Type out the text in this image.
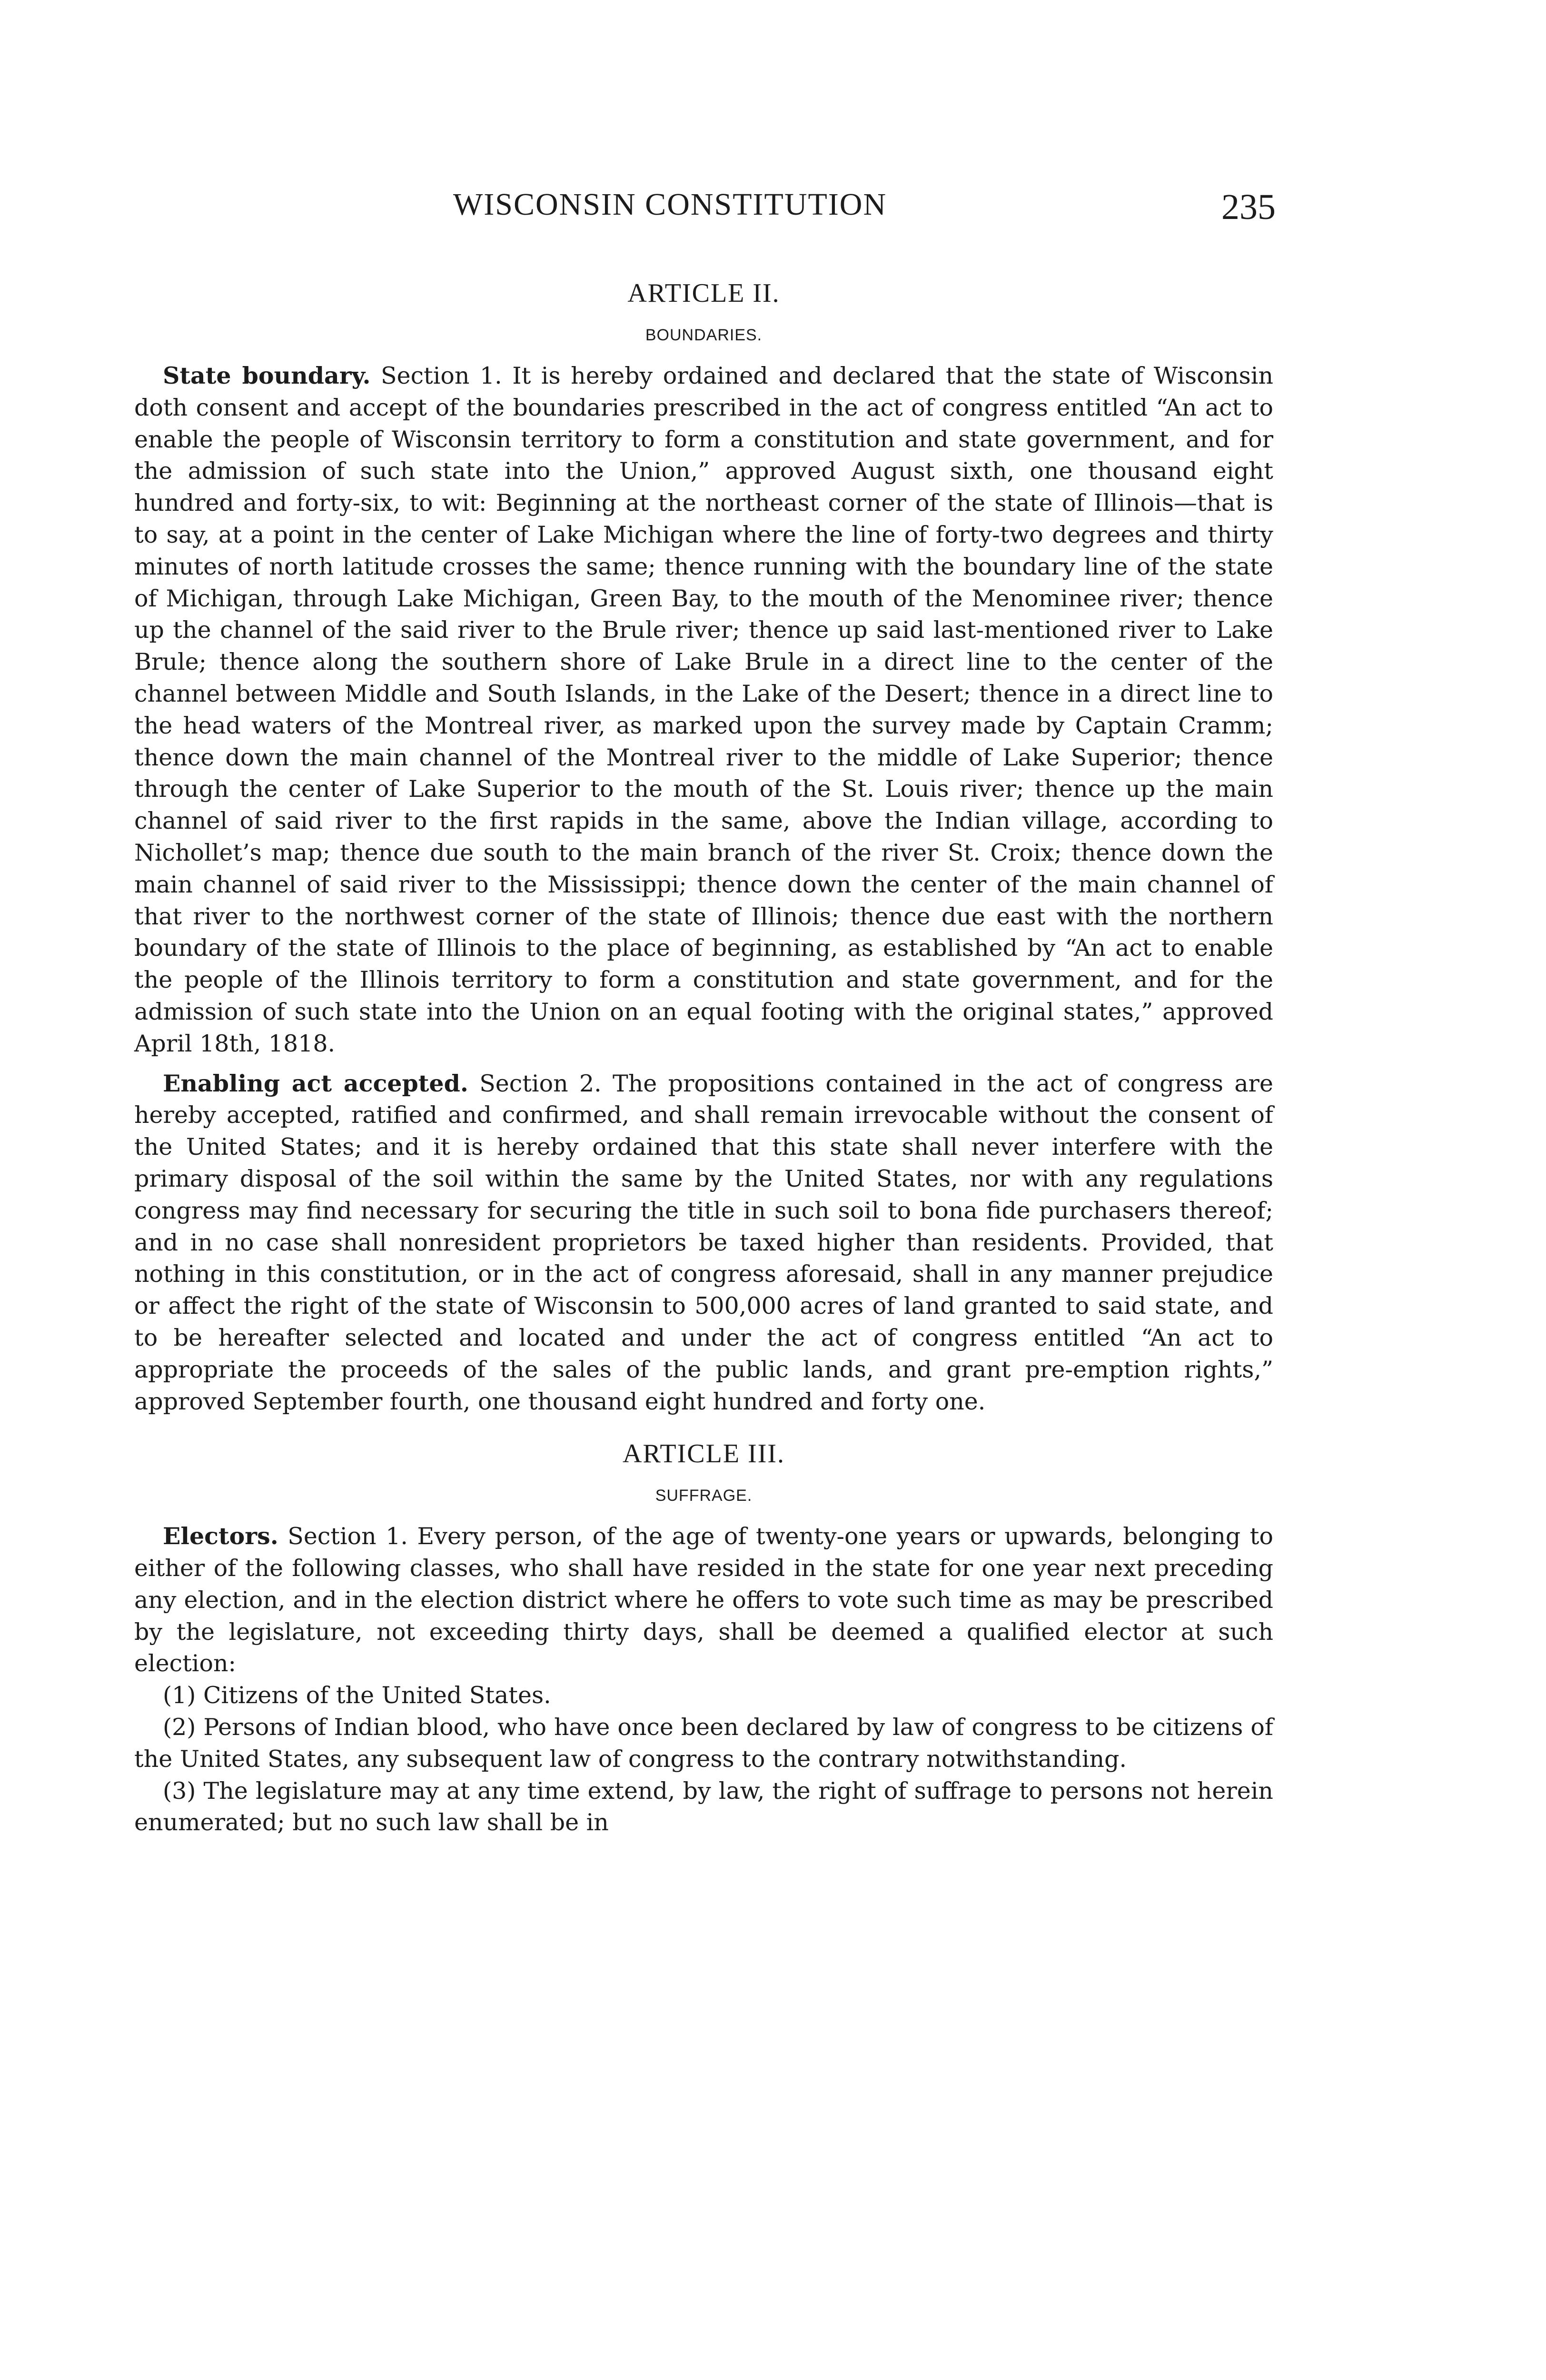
WISCONSIN CONSTITUTION	235
ARTICLE II.
BOUNDARIES.

State boundary. Section 1. It is hereby ordained and declared that the state of Wisconsin doth consent and accept of the boundaries prescribed in the act of congress entitled “An act to enable the people of Wisconsin territory to form a constitution and state government, and for the admission of such state into the Union,” approved August sixth, one thousand eight hundred and forty-six, to wit: Beginning at the northeast corner of the state of Illinois—that is to say, at a point in the center of Lake Michigan where the line of forty-two degrees and thirty minutes of north latitude crosses the same; thence running with the boundary line of the state of Michigan, through Lake Michigan, Green Bay, to the mouth of the Menominee river; thence up the channel of the said river to the Brule river; thence up said last-mentioned river to Lake Brule; thence along the southern shore of Lake Brule in a direct line to the center of the channel between Middle and South Islands, in the Lake of the Desert; thence in a direct line to the head waters of the Montreal river, as marked upon the survey made by Captain Cramm; thence down the main channel of the Montreal river to the middle of Lake Superior; thence through the center of Lake Superior to the mouth of the St. Louis river; thence up the main channel of said river to the first rapids in the same, above the Indian village, according to Nichollet’s map; thence due south to the main branch of the river St. Croix; thence down the main channel of said river to the Mississippi; thence down the center of the main channel of that river to the northwest corner of the state of Illinois; thence due east with the northern boundary of the state of Illinois to the place of beginning, as established by “An act to enable the people of the Illinois territory to form a constitution and state government, and for the admission of such state into the Union on an equal footing with the original states,” approved April 18th, 1818.

Enabling act accepted. Section 2. The propositions contained in the act of congress are hereby accepted, ratified and confirmed, and shall remain irrevocable without the consent of the United States; and it is hereby ordained that this state shall never interfere with the primary disposal of the soil within the same by the United States, nor with any regulations congress may find necessary for securing the title in such soil to bona fide purchasers thereof; and in no case shall nonresident proprietors be taxed higher than residents. Provided, that nothing in this constitution, or in the act of congress aforesaid, shall in any manner prejudice or affect the right of the state of Wisconsin to 500,000 acres of land granted to said state, and to be hereafter selected and located and under the act of congress entitled “An act to appropriate the proceeds of the sales of the public lands, and grant pre-emption rights,” approved September fourth, one thousand eight hundred and forty one.

ARTICLE III.
SUFFRAGE.

Electors. Section 1. Every person, of the age of twenty-one years or upwards, belonging to either of the following classes, who shall have resided in the state for one year next preceding any election, and in the election district where he offers to vote such time as may be prescribed by the legislature, not exceeding thirty days, shall be deemed a qualified elector at such election:

(1) Citizens of the United States.

(2) Persons of Indian blood, who have once been declared by law of congress to be citizens of the United States, any subsequent law of congress to the contrary notwithstanding.

(3) The legislature may at any time extend, by law, the right of suffrage to persons not herein enumerated; but no such law shall be in
